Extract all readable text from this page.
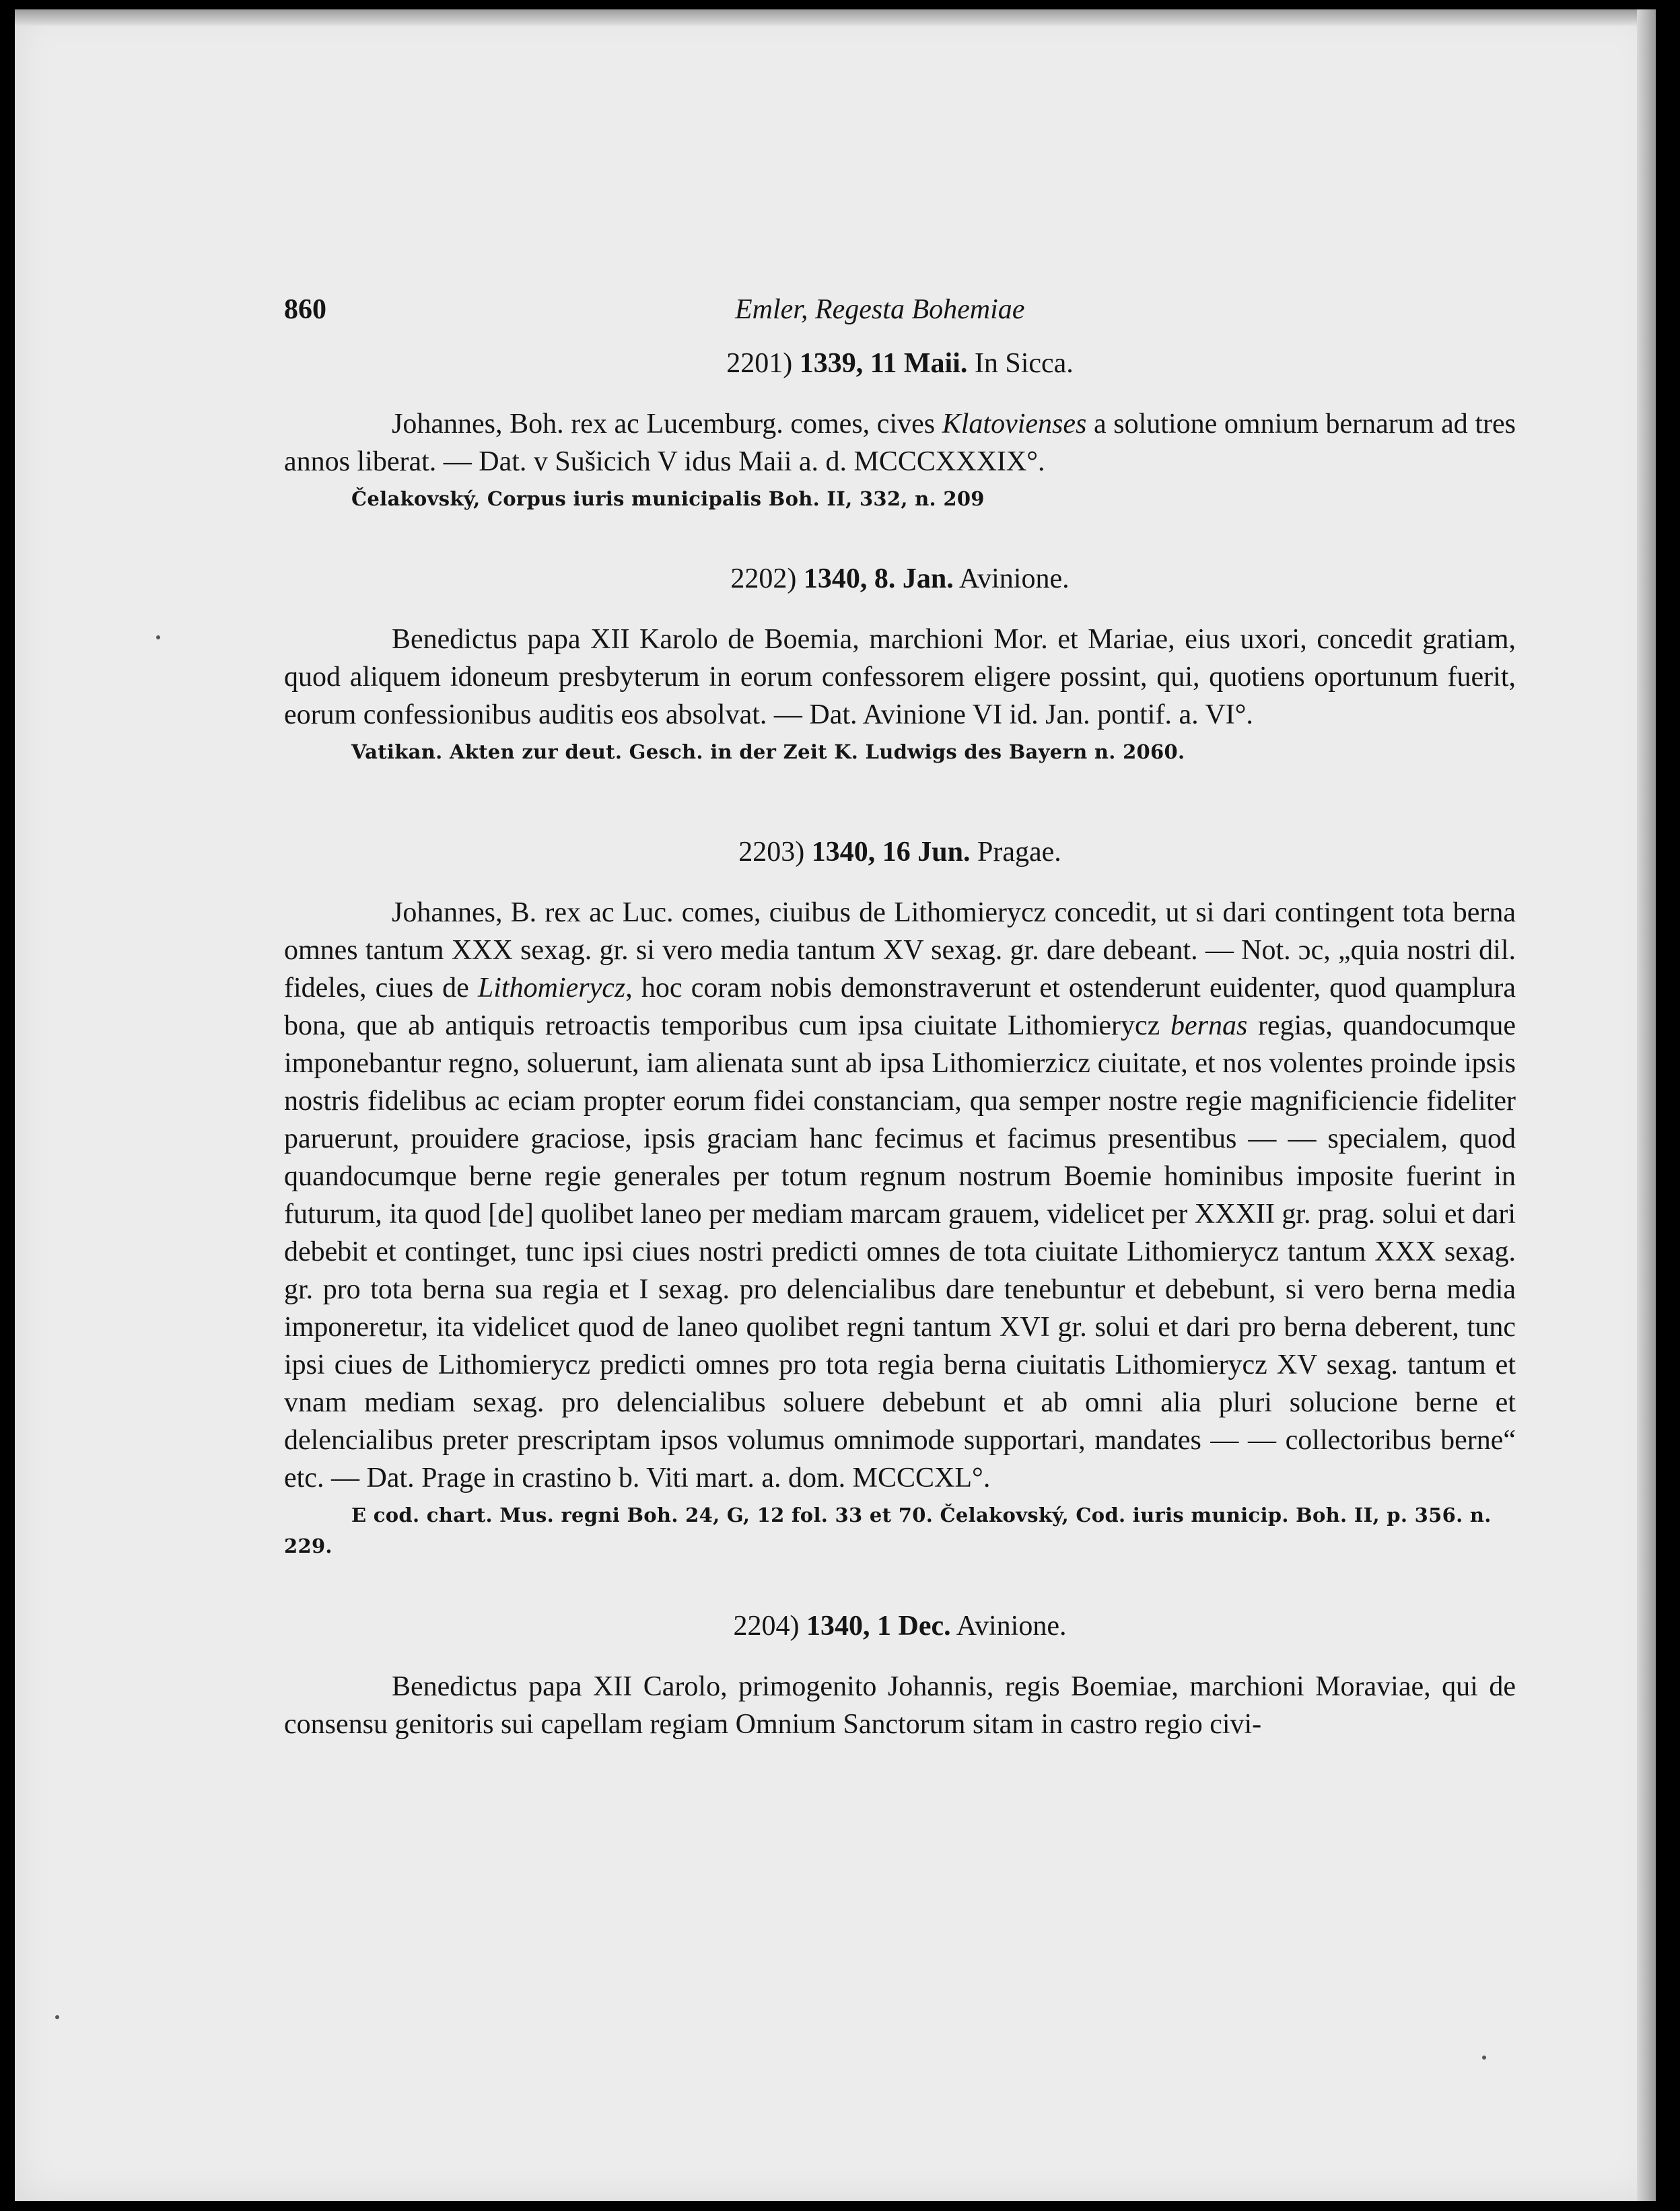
860	Emler, Regesta Bohemiae
2201) 1339, 11 Maii. In Sicca.

Johannes, Boh. rex ac Lucemburg. comes, cives Klatovienses a solutione omnium bernarum ad tres annos liberat. — Dat. v Sušicich V idus Maii a. d. MCCCXXXIX°.

Čelakovský, Corpus iuris municipalis Boh. II, 332, n. 209

2202) 1340, 8. Jan. Avinione.

Benedictus papa XII Karolo de Boemia, marchioni Mor. et Mariae, eius uxori, concedit gratiam, quod aliquem idoneum presbyterum in eorum confessorem eligere possint, qui, quotiens oportunum fuerit, eorum confessionibus auditis eos absolvat. — Dat. Avinione VI id. Jan. pontif. a. VI°.

Vatikan. Akten zur deut. Gesch. in der Zeit K. Ludwigs des Bayern n. 2060.

2203) 1340, 16 Jun. Pragae.

Johannes, B. rex ac Luc. comes, ciuibus de Lithomierycz concedit, ut si dari contingent tota berna omnes tantum XXX sexag. gr. si vero media tantum XV sexag. gr. dare debeant. — Not. ɔc, „quia nostri dil. fideles, ciues de Lithomierycz, hoc coram nobis demonstraverunt et ostenderunt euidenter, quod quamplura bona, que ab antiquis retroactis temporibus cum ipsa ciuitate Lithomierycz bernas regias, quandocumque imponebantur regno, soluerunt, iam alienata sunt ab ipsa Lithomierzicz ciuitate, et nos volentes proinde ipsis nostris fidelibus ac eciam propter eorum fidei constanciam, qua semper nostre regie magnificiencie fideliter paruerunt, prouidere graciose, ipsis graciam hanc fecimus et facimus presentibus — — specialem, quod quandocumque berne regie generales per totum regnum nostrum Boemie hominibus imposite fuerint in futurum, ita quod [de] quolibet laneo per mediam marcam grauem, videlicet per XXXII gr. prag. solui et dari debebit et continget, tunc ipsi ciues nostri predicti omnes de tota ciuitate Lithomierycz tantum XXX sexag. gr. pro tota berna sua regia et I sexag. pro delencialibus dare tenebuntur et debebunt, si vero berna media imponeretur, ita videlicet quod de laneo quolibet regni tantum XVI gr. solui et dari pro berna deberent, tunc ipsi ciues de Lithomierycz predicti omnes pro tota regia berna ciuitatis Lithomierycz XV sexag. tantum et vnam mediam sexag. pro delencialibus soluere debebunt et ab omni alia pluri solucione berne et delencialibus preter prescriptam ipsos volumus omnimode supportari, mandates — — collectoribus berne“ etc. — Dat. Prage in crastino b. Viti mart. a. dom. MCCCXL°.

E cod. chart. Mus. regni Boh. 24, G, 12 fol. 33 et 70. Čelakovský, Cod. iuris municip. Boh. II, p. 356. n. 229.

2204) 1340, 1 Dec. Avinione.

Benedictus papa XII Carolo, primogenito Johannis, regis Boemiae, marchioni Moraviae, qui de consensu genitoris sui capellam regiam Omnium Sanctorum sitam in castro regio civi-
